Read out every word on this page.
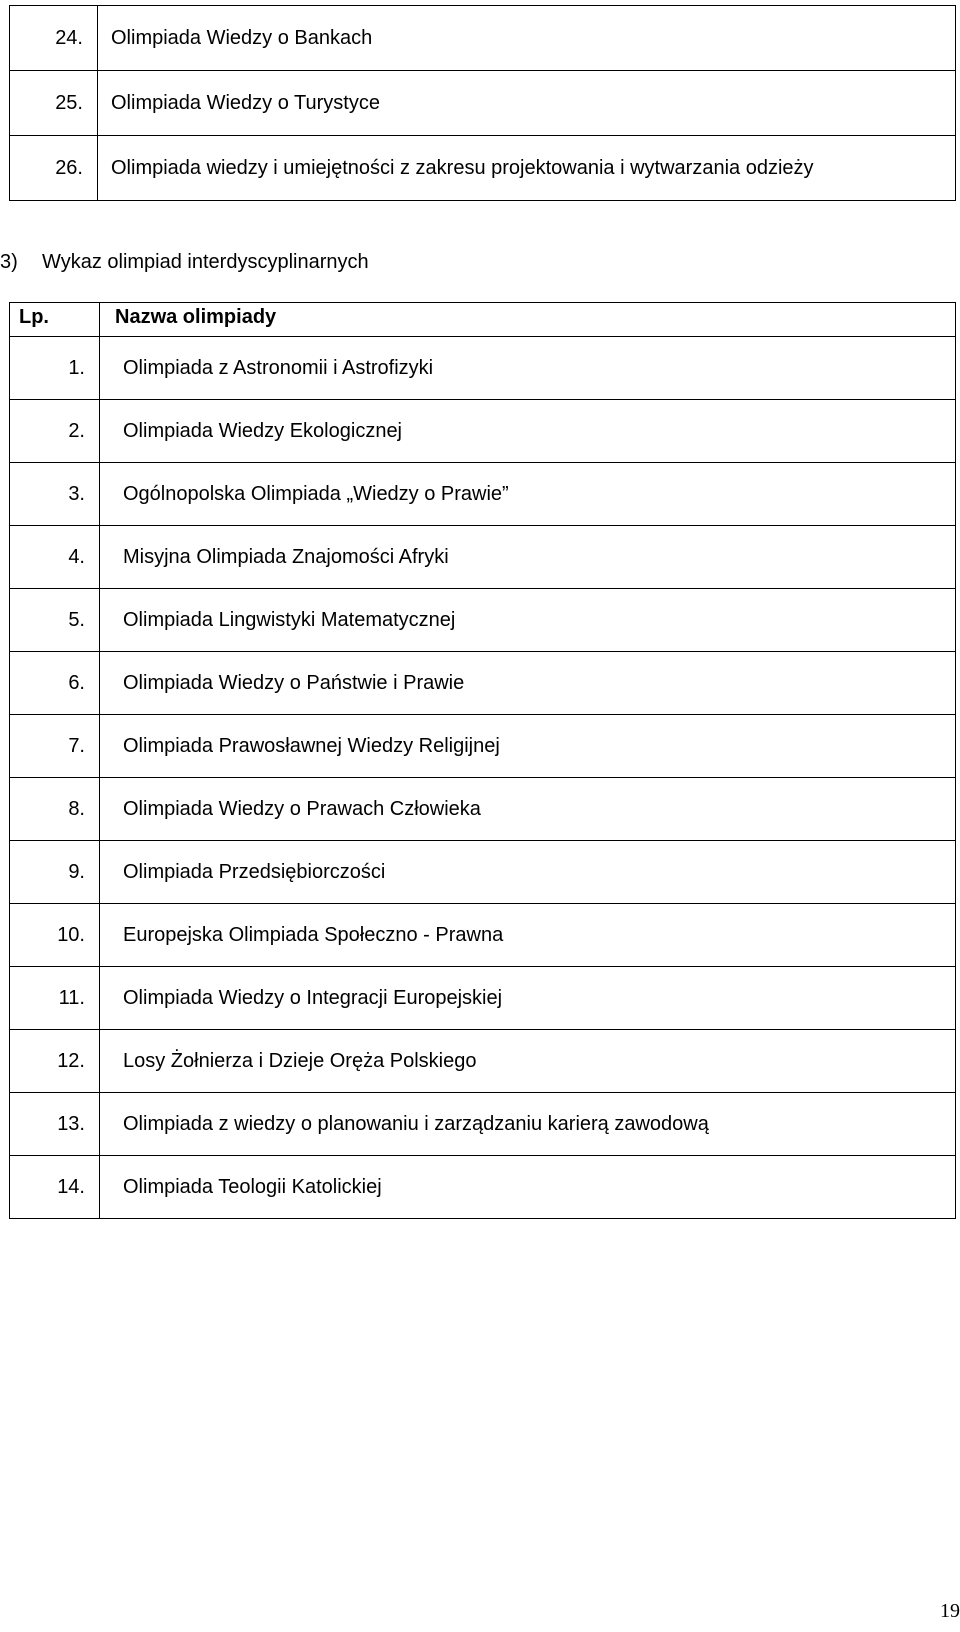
24.	Olimpiada Wiedzy o Bankach
25.	Olimpiada Wiedzy o Turystyce
26.	Olimpiada wiedzy i umiejętności z zakresu projektowania i wytwarzania odzieży

3) Wykaz olimpiad interdyscyplinarnych

Lp.	Nazwa olimpiady
1.	Olimpiada z Astronomii i Astrofizyki
2.	Olimpiada Wiedzy Ekologicznej
3.	Ogólnopolska Olimpiada „Wiedzy o Prawie”
4.	Misyjna Olimpiada Znajomości Afryki
5.	Olimpiada Lingwistyki Matematycznej
6.	Olimpiada Wiedzy o Państwie i Prawie
7.	Olimpiada Prawosławnej Wiedzy Religijnej
8.	Olimpiada Wiedzy o Prawach Człowieka
9.	Olimpiada Przedsiębiorczości
10.	Europejska Olimpiada Społeczno - Prawna
11.	Olimpiada Wiedzy o Integracji Europejskiej
12.	Losy Żołnierza i Dzieje Oręża Polskiego
13.	Olimpiada z wiedzy o planowaniu i zarządzaniu karierą zawodową
14.	Olimpiada Teologii Katolickiej
19
